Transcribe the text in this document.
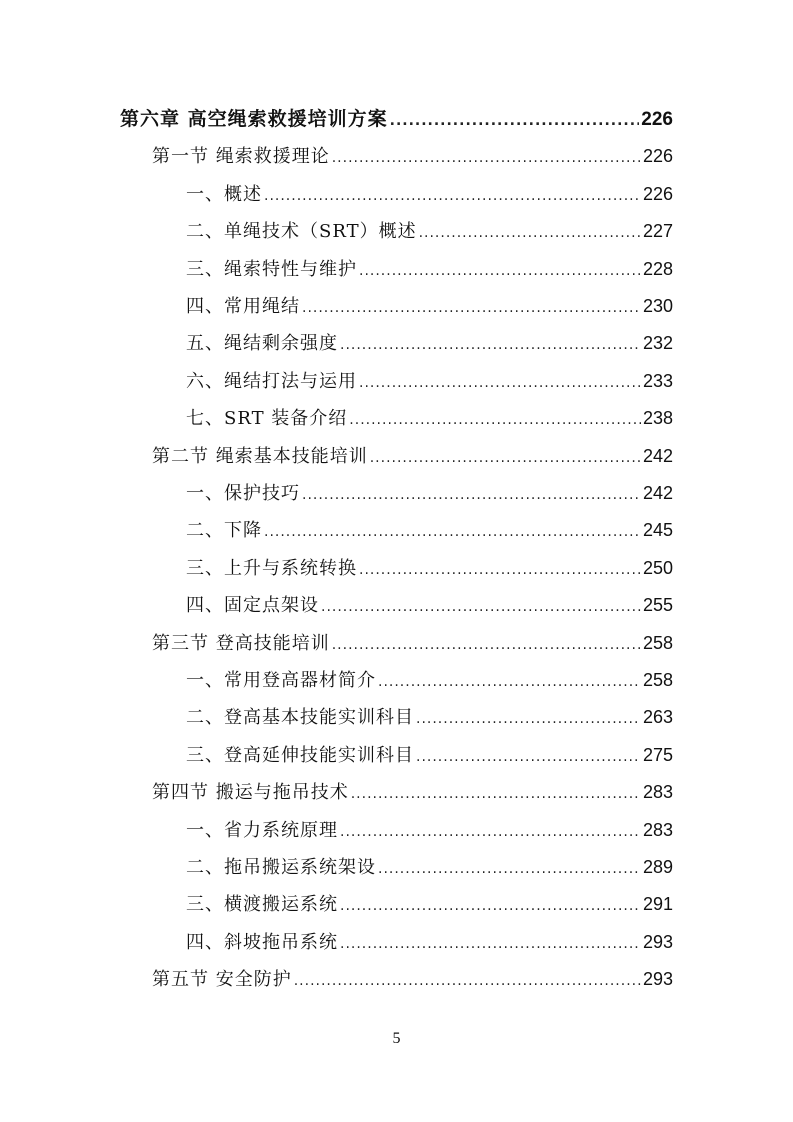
第六章 高空绳索救援培训方案 .....	226
第一节 绳索救援理论 .....	226
一、概述 .....	226
二、单绳技术（SRT）概述 .....	227
三、绳索特性与维护 .....	228
四、常用绳结 .....	230
五、绳结剩余强度 .....	232
六、绳结打法与运用 .....	233
七、SRT 装备介绍 .....	238
第二节 绳索基本技能培训 .....	242
一、保护技巧 .....	242
二、下降 .....	245
三、上升与系统转换 .....	250
四、固定点架设 .....	255
第三节 登高技能培训 .....	258
一、常用登高器材简介 .....	258
二、登高基本技能实训科目 .....	263
三、登高延伸技能实训科目 .....	275
第四节 搬运与拖吊技术 .....	283
一、省力系统原理 .....	283
二、拖吊搬运系统架设 .....	289
三、横渡搬运系统 .....	291
四、斜坡拖吊系统 .....	293
第五节 安全防护 .....	293
5
